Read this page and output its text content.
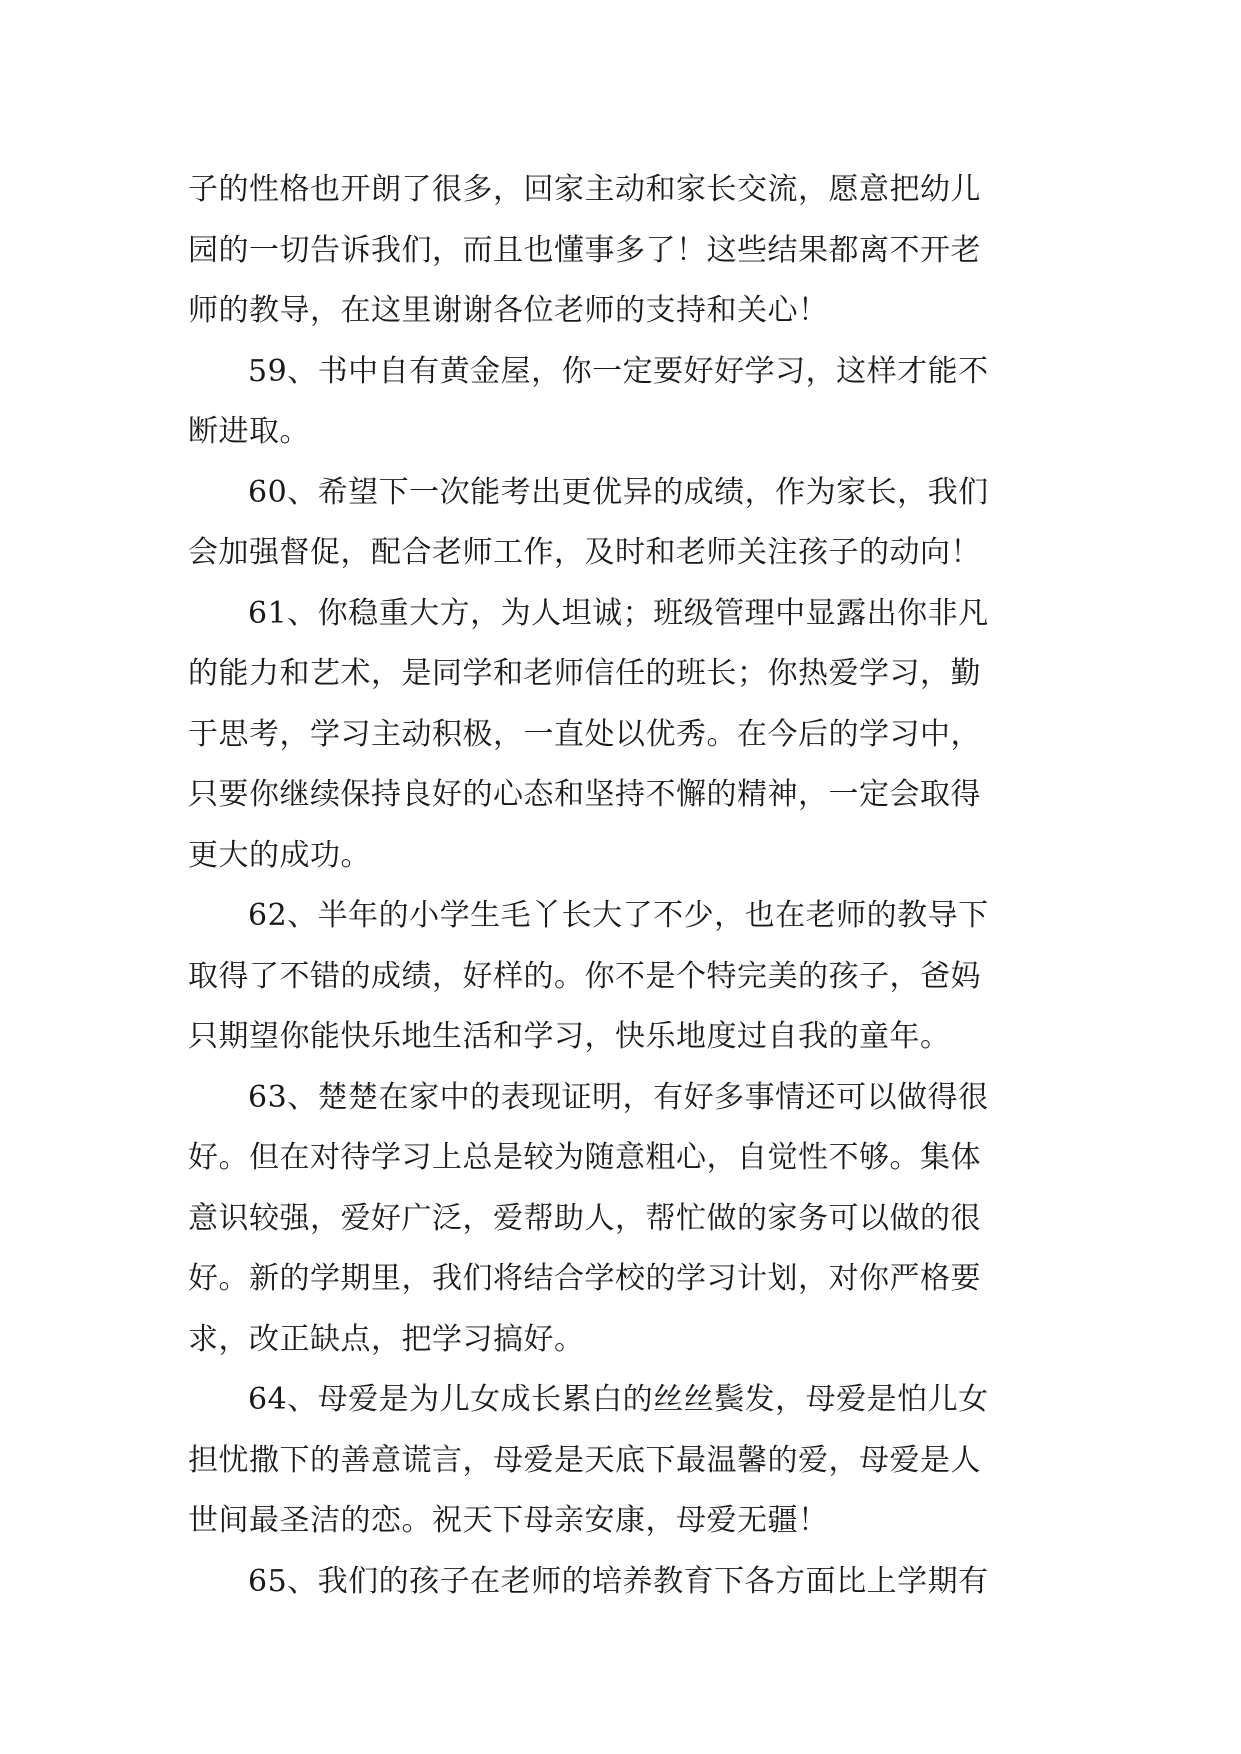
子的性格也开朗了很多，回家主动和家长交流，愿意把幼儿
园的一切告诉我们，而且也懂事多了！这些结果都离不开老
师的教导，在这里谢谢各位老师的支持和关心！
59、书中自有黄金屋，你一定要好好学习，这样才能不
断进取。
60、希望下一次能考出更优异的成绩，作为家长，我们
会加强督促，配合老师工作，及时和老师关注孩子的动向！
61、你稳重大方，为人坦诚；班级管理中显露出你非凡
的能力和艺术，是同学和老师信任的班长；你热爱学习，勤
于思考，学习主动积极，一直处以优秀。在今后的学习中，
只要你继续保持良好的心态和坚持不懈的精神，一定会取得
更大的成功。
62、半年的小学生毛丫长大了不少，也在老师的教导下
取得了不错的成绩，好样的。你不是个特完美的孩子，爸妈
只期望你能快乐地生活和学习，快乐地度过自我的童年。
63、楚楚在家中的表现证明，有好多事情还可以做得很
好。但在对待学习上总是较为随意粗心，自觉性不够。集体
意识较强，爱好广泛，爱帮助人，帮忙做的家务可以做的很
好。新的学期里，我们将结合学校的学习计划，对你严格要
求，改正缺点，把学习搞好。
64、母爱是为儿女成长累白的丝丝鬓发，母爱是怕儿女
担忧撒下的善意谎言，母爱是天底下最温馨的爱，母爱是人
世间最圣洁的恋。祝天下母亲安康，母爱无疆！
65、我们的孩子在老师的培养教育下各方面比上学期有
